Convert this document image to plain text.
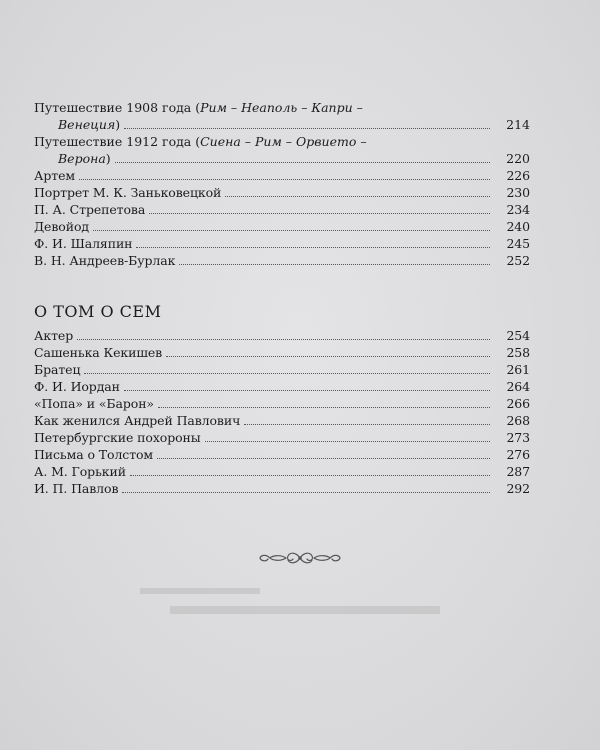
Путешествие 1908 года (Рим – Неаполь – Капри –
Венеция)	214
Путешествие 1912 года (Сиена – Рим – Орвието –
Верона)	220
Артем	226
Портрет М. К. Заньковецкой	230
П. А. Стрепетова	234
Девойод	240
Ф. И. Шаляпин	245
В. Н. Андреев-Бурлак	252
О ТОМ О СЕМ
Актер	254
Сашенька Кекишев	258
Братец	261
Ф. И. Иордан	264
«Попа» и «Барон»	266
Как женился Андрей Павлович	268
Петербургские похороны	273
Письма о Толстом	276
А. М. Горький	287
И. П. Павлов	292
